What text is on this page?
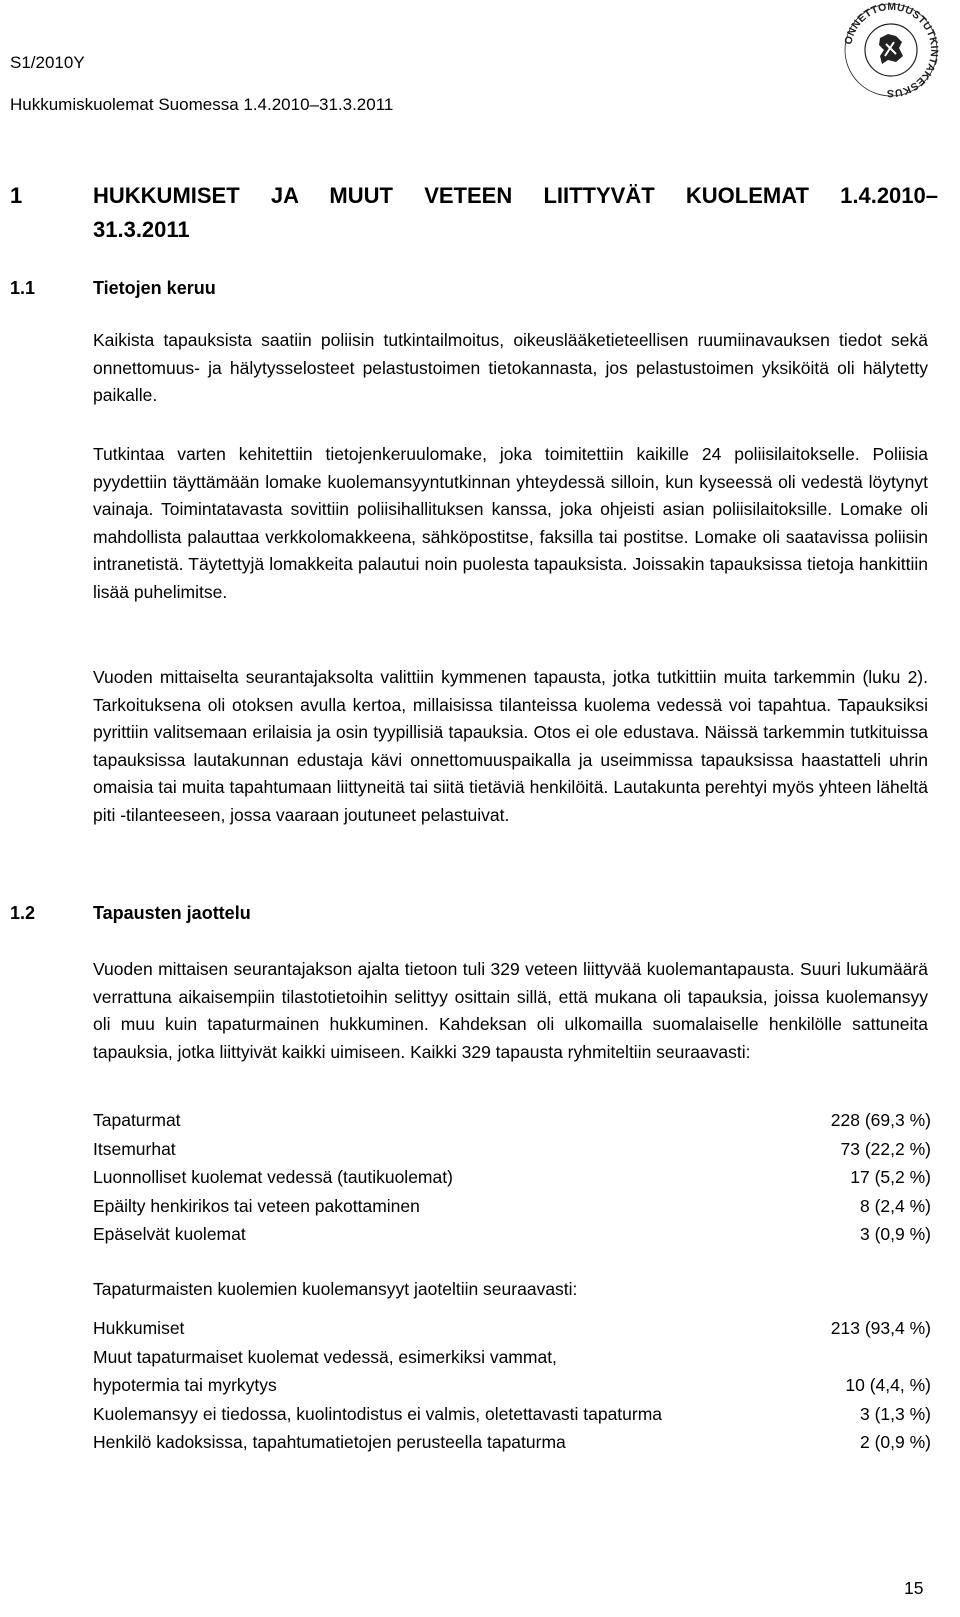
S1/2010Y
Hukkumiskuolemat Suomessa 1.4.2010–31.3.2011
ONNETTOMUUSTUTKINTAKESKUS
1	HUKKUMISET JA MUUT VETEEN LIITTYVÄT KUOLEMAT 1.4.2010–
31.3.2011
1.1	Tietojen keruu

Kaikista tapauksista saatiin poliisin tutkintailmoitus, oikeuslääketieteellisen ruumiinavauksen tiedot sekä onnettomuus- ja hälytysselosteet pelastustoimen tietokannasta, jos pelastustoimen yksiköitä oli hälytetty paikalle.

Tutkintaa varten kehitettiin tietojenkeruulomake, joka toimitettiin kaikille 24 poliisilaitokselle. Poliisia pyydettiin täyttämään lomake kuolemansyyntutkinnan yhteydessä silloin, kun kyseessä oli vedestä löytynyt vainaja. Toimintatavasta sovittiin poliisihallituksen kanssa, joka ohjeisti asian poliisilaitoksille. Lomake oli mahdollista palauttaa verkkolomakkeena, sähköpostitse, faksilla tai postitse. Lomake oli saatavissa poliisin intranetistä. Täytettyjä lomakkeita palautui noin puolesta tapauksista. Joissakin tapauksissa tietoja hankittiin lisää puhelimitse.

Vuoden mittaiselta seurantajaksolta valittiin kymmenen tapausta, jotka tutkittiin muita tarkemmin (luku 2). Tarkoituksena oli otoksen avulla kertoa, millaisissa tilanteissa kuolema vedessä voi tapahtua. Tapauksiksi pyrittiin valitsemaan erilaisia ja osin tyypillisiä tapauksia. Otos ei ole edustava. Näissä tarkemmin tutkituissa tapauksissa lautakunnan edustaja kävi onnettomuuspaikalla ja useimmissa tapauksissa haastatteli uhrin omaisia tai muita tapahtumaan liittyneitä tai siitä tietäviä henkilöitä. Lautakunta perehtyi myös yhteen läheltä piti -tilanteeseen, jossa vaaraan joutuneet pelastuivat.

1.2	Tapausten jaottelu

Vuoden mittaisen seurantajakson ajalta tietoon tuli 329 veteen liittyvää kuolemantapausta. Suuri lukumäärä verrattuna aikaisempiin tilastotietoihin selittyy osittain sillä, että mukana oli tapauksia, joissa kuolemansyy oli muu kuin tapaturmainen hukkuminen. Kahdeksan oli ulkomailla suomalaiselle henkilölle sattuneita tapauksia, jotka liittyivät kaikki uimiseen. Kaikki 329 tapausta ryhmiteltiin seuraavasti:

Tapaturmat	228 (69,3 %)
Itsemurhat	73 (22,2 %)
Luonnolliset kuolemat vedessä (tautikuolemat)	17 (5,2 %)
Epäilty henkirikos tai veteen pakottaminen	8 (2,4 %)
Epäselvät kuolemat	3 (0,9 %)

Tapaturmaisten kuolemien kuolemansyyt jaoteltiin seuraavasti:

Hukkumiset	213 (93,4 %)
Muut tapaturmaiset kuolemat vedessä, esimerkiksi vammat,
hypotermia tai myrkytys	10 (4,4, %)
Kuolemansyy ei tiedossa, kuolintodistus ei valmis, oletettavasti tapaturma	3 (1,3 %)
Henkilö kadoksissa, tapahtumatietojen perusteella tapaturma	2 (0,9 %)
15
